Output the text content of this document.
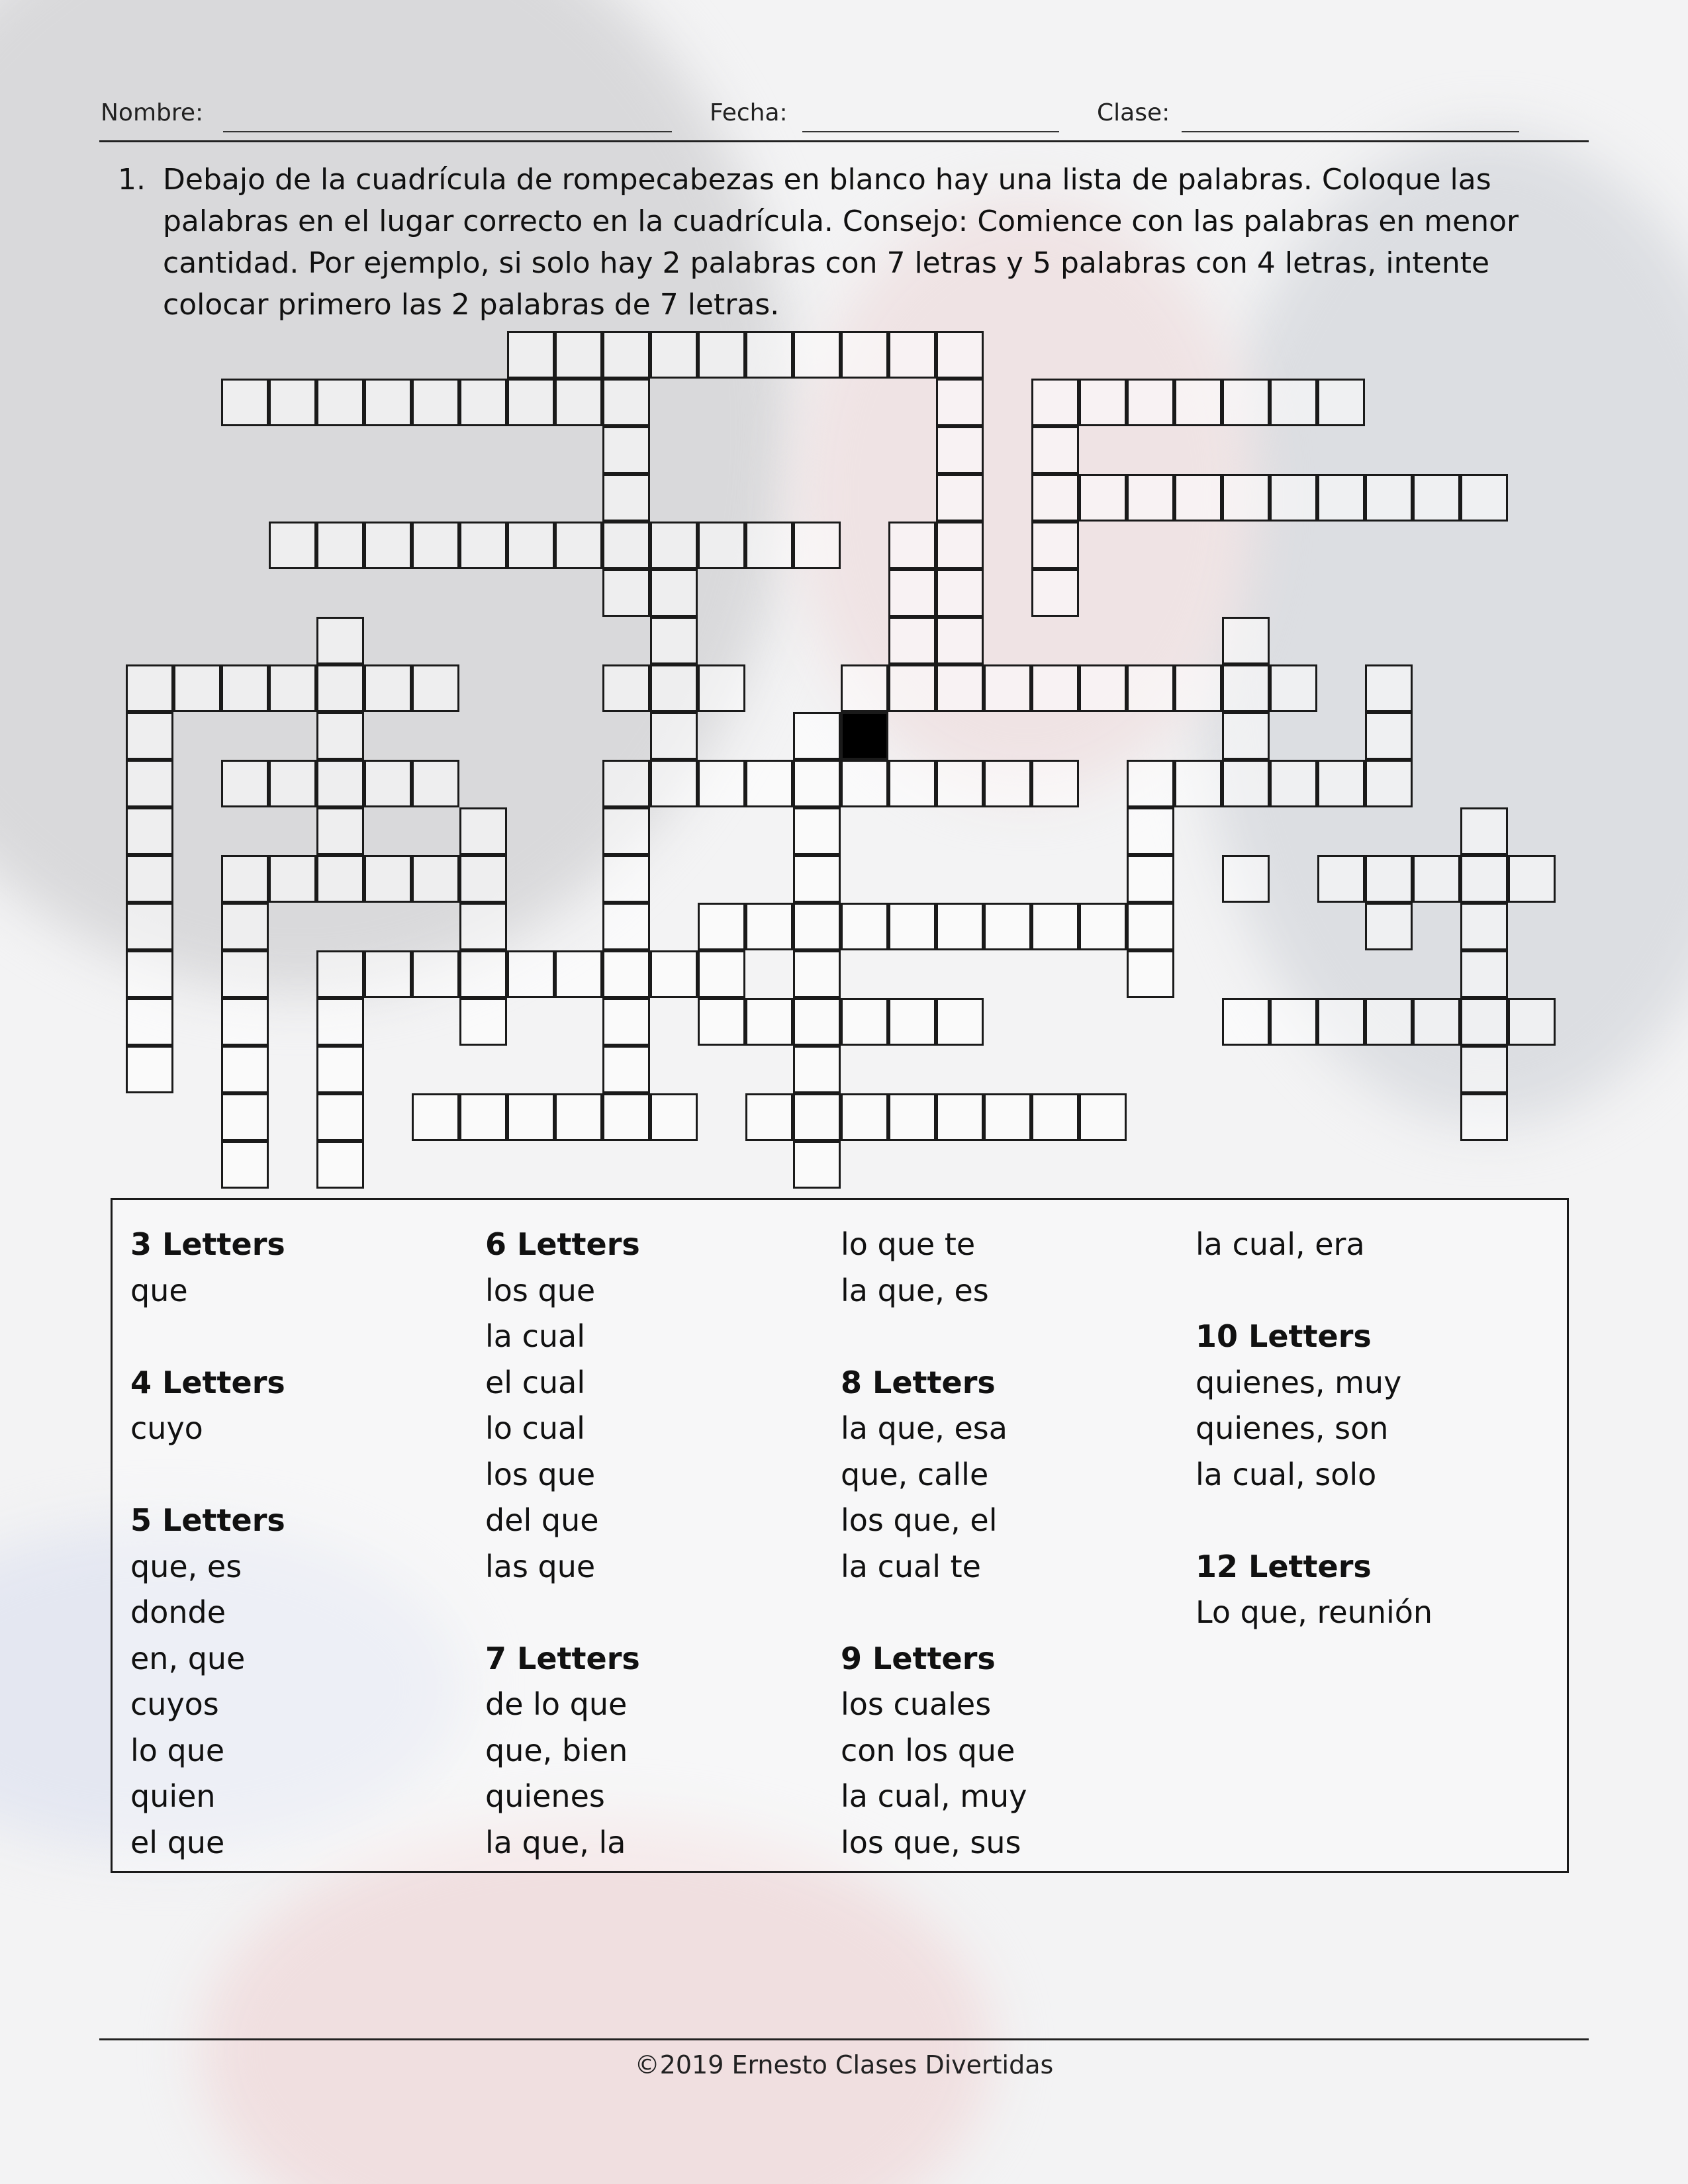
Nombre:	Fecha:	Clase:
1. Debajo de la cuadrícula de rompecabezas en blanco hay una lista de palabras. Coloque las palabras en el lugar correcto en la cuadrícula. Consejo: Comience con las palabras en menor cantidad. Por ejemplo, si solo hay 2 palabras con 7 letras y 5 palabras con 4 letras, intente colocar primero las 2 palabras de 7 letras.
3 Letters
que
4 Letters
cuyo
5 Letters
que, es
donde
en, que
cuyos
lo que
quien
el que
6 Letters
los que
la cual
el cual
lo cual
los que
del que
las que
7 Letters
de lo que
que, bien
quienes
la que, la
lo que te
la que, es
8 Letters
la que, esa
que, calle
los que, el
la cual te
9 Letters
los cuales
con los que
la cual, muy
los que, sus
la cual, era
10 Letters
quienes, muy
quienes, son
la cual, solo
12 Letters
Lo que, reunión
©2019 Ernesto Clases Divertidas
